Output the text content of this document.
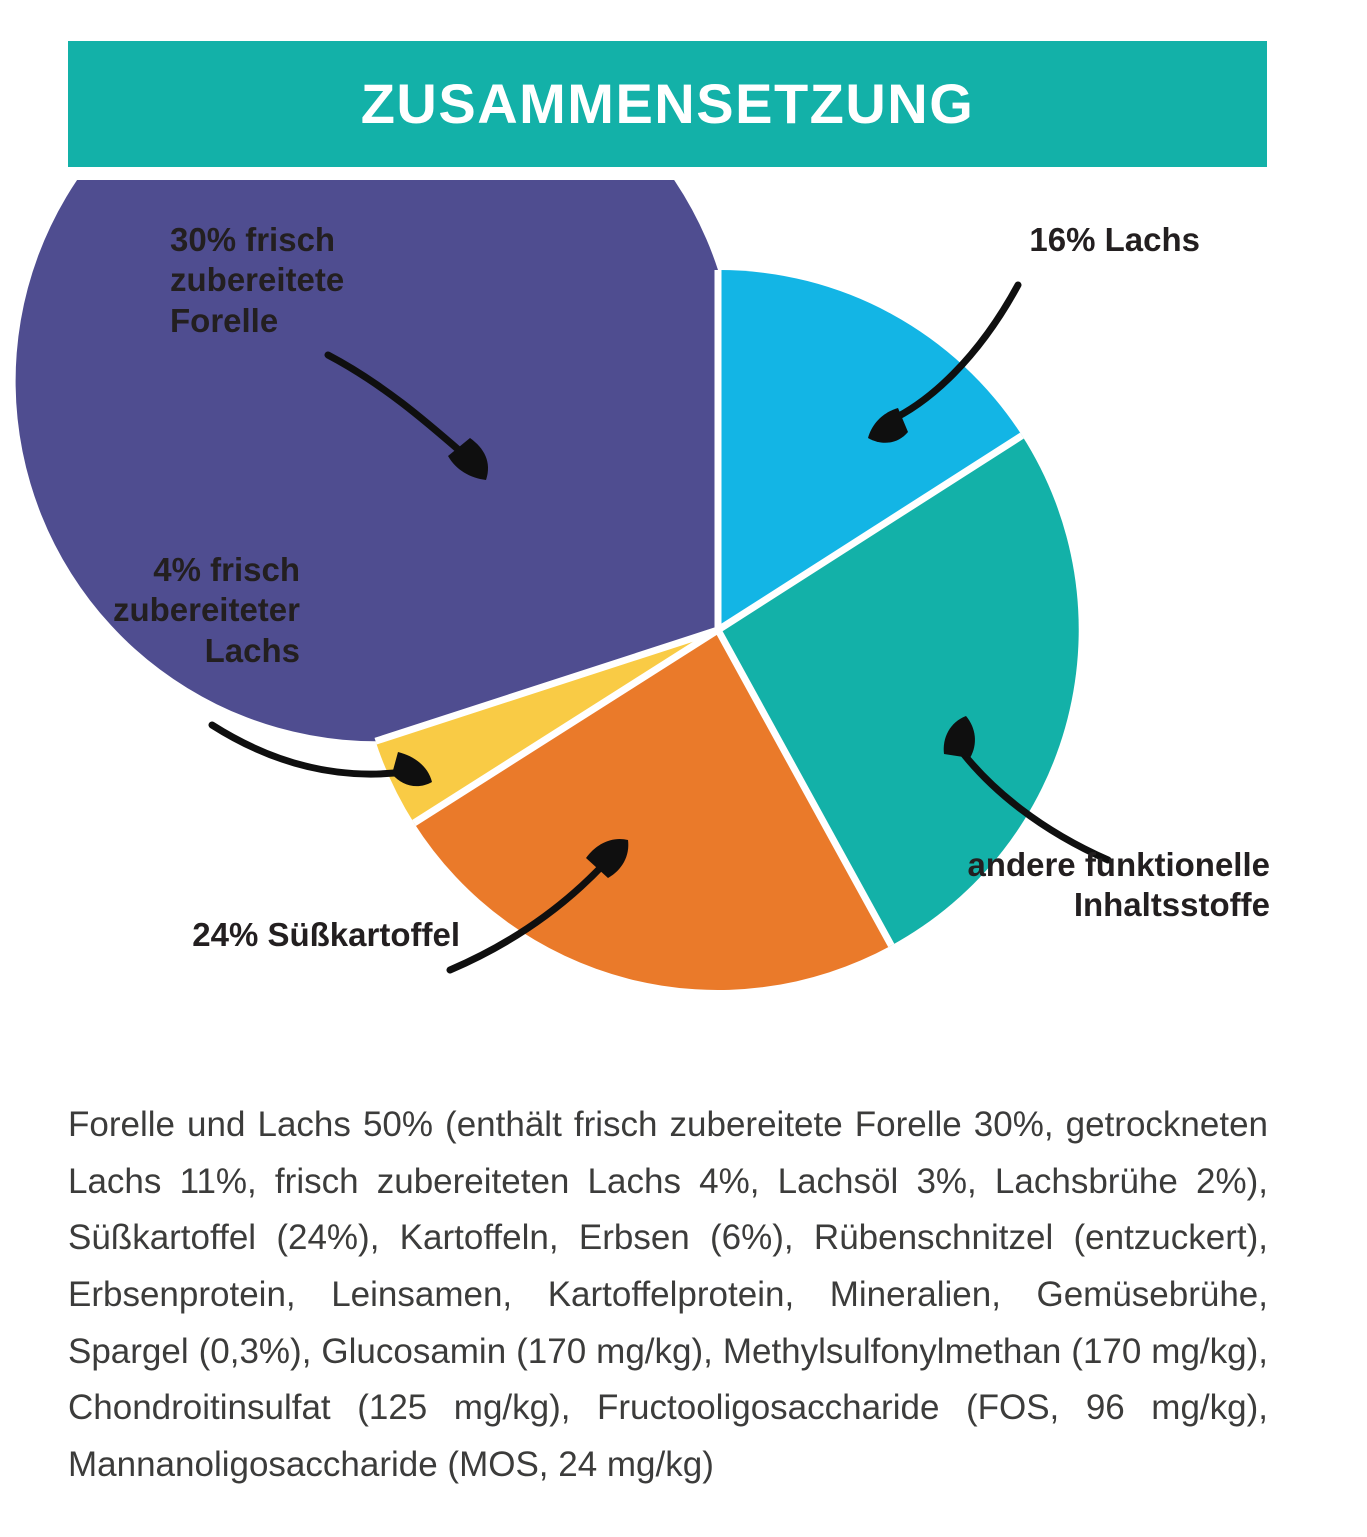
ZUSAMMENSETZUNG
30% frisch zubereitete Forelle
16% Lachs
4% frisch zubereiteter Lachs
24% Süßkartoffel
andere funktionelle Inhaltsstoffe

Forelle und Lachs 50% (enthält frisch zubereitete Forelle 30%, getrockneten Lachs 11%, frisch zubereiteten Lachs 4%, Lachsöl 3%, Lachsbrühe 2%), Süßkartoffel (24%), Kartoffeln, Erbsen (6%), Rübenschnitzel (entzuckert), Erbsenprotein, Leinsamen, Kartoffelprotein, Mineralien, Gemüsebrühe, Spargel (0,3%), Glucosamin (170 mg/kg), Methylsulfonylmethan (170 mg/kg), Chondroitinsulfat (125 mg/kg), Fructooligosaccharide (FOS, 96 mg/kg), Mannanoligosaccharide (MOS, 24 mg/kg)
